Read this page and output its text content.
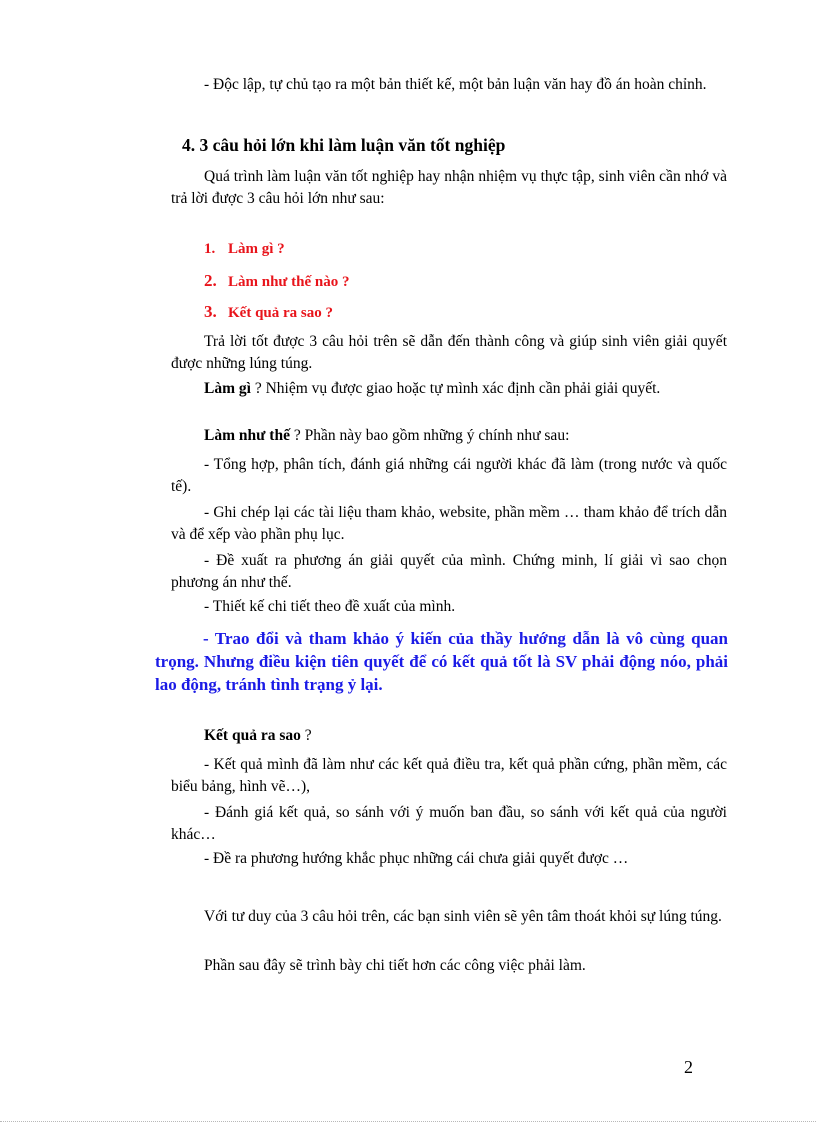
- Độc lập, tự chủ tạo ra một bản thiết kế, một bản luận văn hay đồ án hoàn chỉnh.
4. 3 câu hỏi lớn khi làm luận văn tốt nghiệp
Quá trình làm luận văn tốt nghiệp hay nhận nhiệm vụ thực tập, sinh viên cần nhớ và trả lời được 3 câu hỏi lớn như sau:
1. Làm gì ?
2. Làm như thế nào ?
3. Kết quả ra sao ?
Trả lời tốt được 3 câu hỏi trên sẽ dẫn đến thành công và giúp sinh viên giải quyết được những lúng túng.
Làm gì ? Nhiệm vụ được giao hoặc tự mình xác định cần phải giải quyết.
Làm như thế ? Phần này bao gồm những ý chính như sau:
- Tổng hợp, phân tích, đánh giá những cái người khác đã làm (trong nước và quốc tế).
- Ghi chép lại các tài liệu tham khảo, website, phần mềm … tham khảo để trích dẫn và để xếp vào phần phụ lục.
- Đề xuất ra phương án giải quyết của mình. Chứng minh, lí giải vì sao chọn phương án như thế.
- Thiết kế chi tiết theo đề xuất của mình.
- Trao đổi và tham khảo ý kiến của thầy hướng dẫn là vô cùng quan trọng. Nhưng điều kiện tiên quyết để có kết quả tốt là SV phải động nóo, phải lao động, tránh tình trạng ỷ lại.
Kết quả ra sao ?
- Kết quả mình đã làm như các kết quả điều tra, kết quả phần cứng, phần mềm, các biểu bảng, hình vẽ…),
- Đánh giá kết quả, so sánh với ý muốn ban đầu, so sánh với kết quả của người khác…
- Đề ra phương hướng khắc phục những cái chưa giải quyết được …
Với tư duy của 3 câu hỏi trên, các bạn sinh viên sẽ yên tâm thoát khỏi sự lúng túng.
Phần sau đây sẽ trình bày chi tiết hơn các công việc phải làm.
2
